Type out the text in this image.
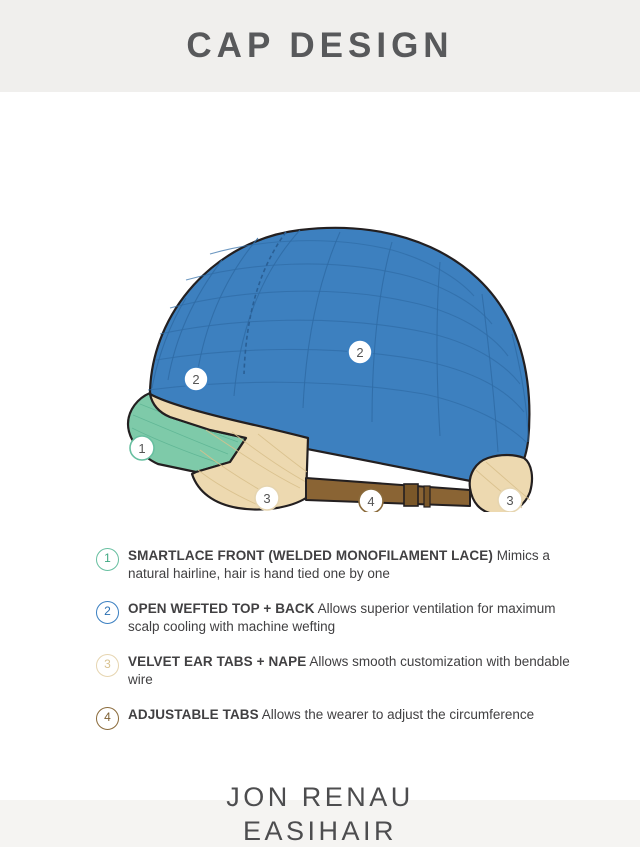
CAP DESIGN
1
2
2
3	3
4
1	SMARTLACE FRONT (WELDED MONOFILAMENT LACE) Mimics a natural hairline, hair is hand tied one by one
2	OPEN WEFTED TOP + BACK Allows superior ventilation for maximum scalp cooling with machine wefting
3	VELVET EAR TABS + NAPE Allows smooth customization with bendable wire
4	ADJUSTABLE TABS Allows the wearer to adjust the circumference
JON RENAU
EASIHAIR
